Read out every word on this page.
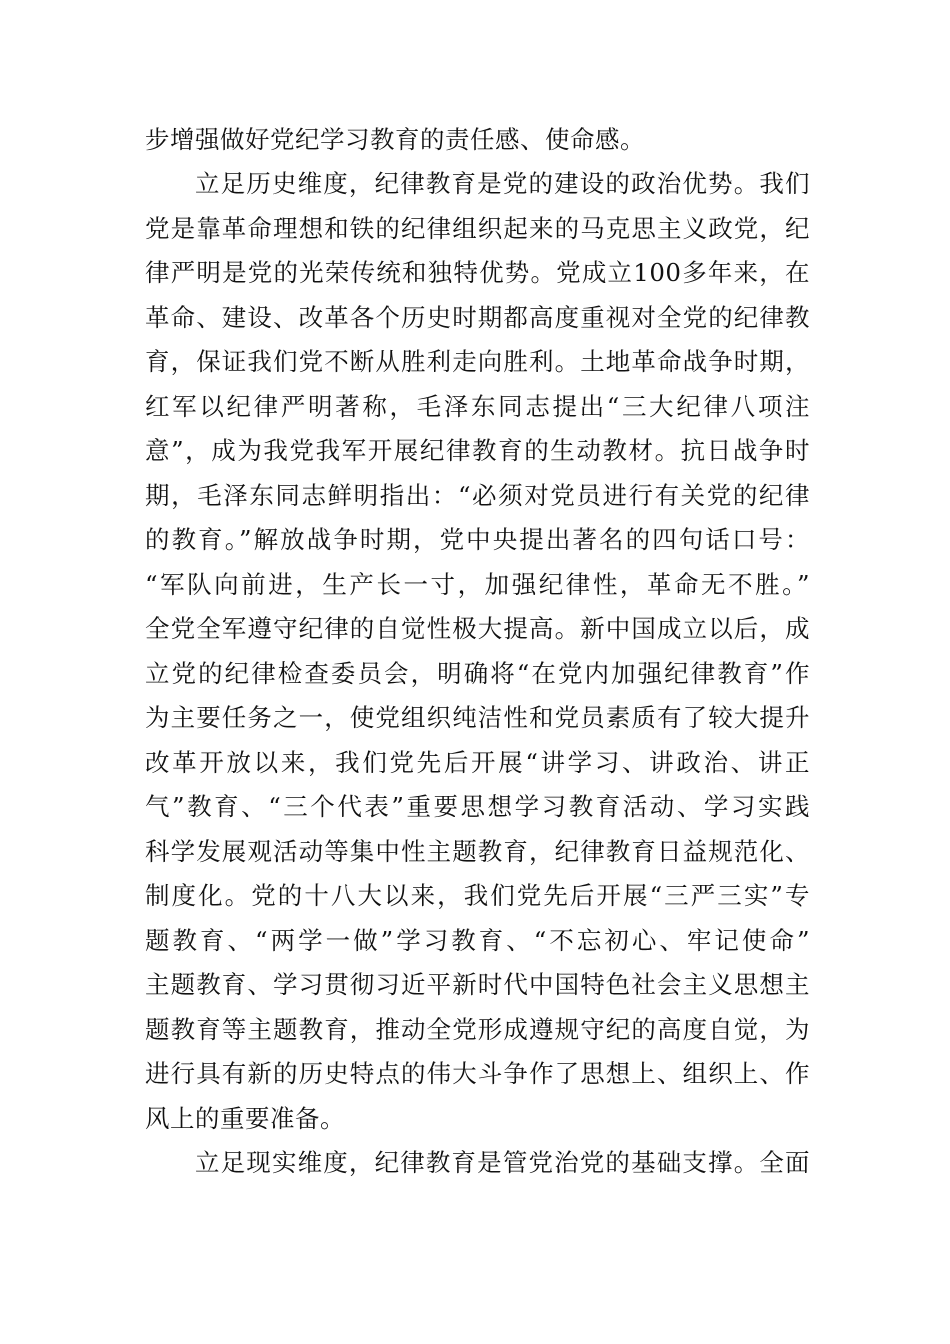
步增强做好党纪学习教育的责任感、使命感。
立足历史维度，纪律教育是党的建设的政治优势。我们
党是靠革命理想和铁的纪律组织起来的马克思主义政党，纪
律严明是党的光荣传统和独特优势。党成立100多年来，在
革命、建设、改革各个历史时期都高度重视对全党的纪律教
育，保证我们党不断从胜利走向胜利。土地革命战争时期，
红军以纪律严明著称，毛泽东同志提出“三大纪律八项注
意”，成为我党我军开展纪律教育的生动教材。抗日战争时
期，毛泽东同志鲜明指出：“必须对党员进行有关党的纪律
的教育。”解放战争时期，党中央提出著名的四句话口号：
“军队向前进，生产长一寸，加强纪律性，革命无不胜。”
全党全军遵守纪律的自觉性极大提高。新中国成立以后，成
立党的纪律检查委员会，明确将“在党内加强纪律教育”作
为主要任务之一，使党组织纯洁性和党员素质有了较大提升
改革开放以来，我们党先后开展“讲学习、讲政治、讲正
气”教育、“三个代表”重要思想学习教育活动、学习实践
科学发展观活动等集中性主题教育，纪律教育日益规范化、
制度化。党的十八大以来，我们党先后开展“三严三实”专
题教育、“两学一做”学习教育、“不忘初心、牢记使命”
主题教育、学习贯彻习近平新时代中国特色社会主义思想主
题教育等主题教育，推动全党形成遵规守纪的高度自觉，为
进行具有新的历史特点的伟大斗争作了思想上、组织上、作
风上的重要准备。
立足现实维度，纪律教育是管党治党的基础支撑。全面
